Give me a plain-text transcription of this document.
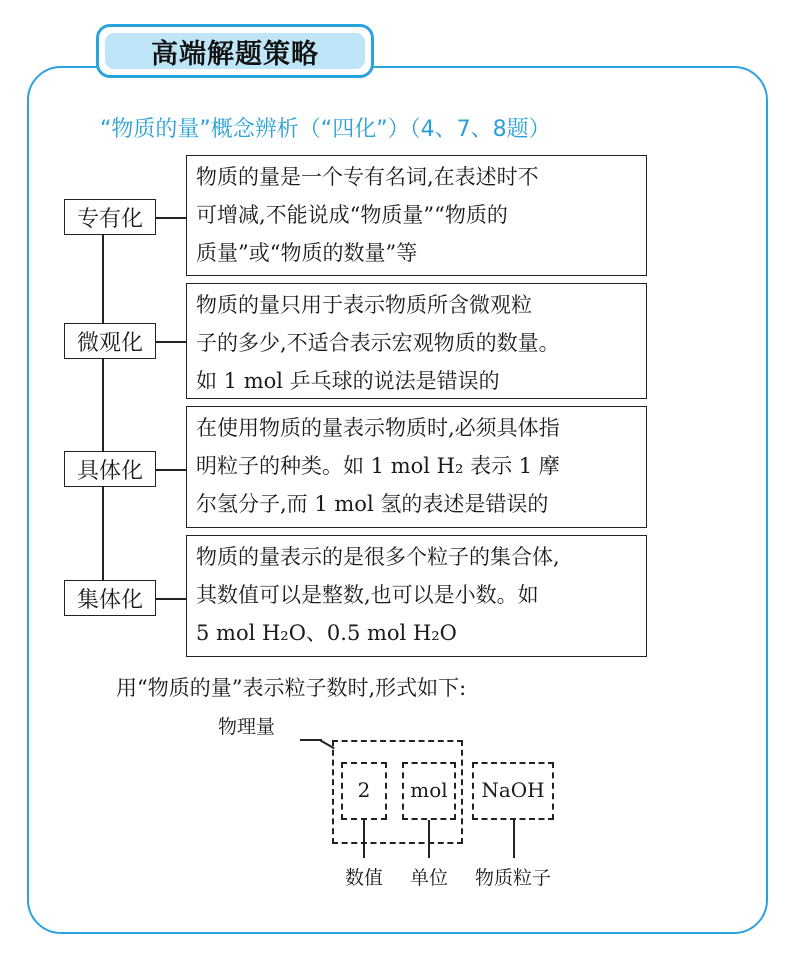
高端解题策略
“物质的量”概念辨析（“四化”）（4、7、8题）
专有化
物质的量是一个专有名词,在表述时不
可增减,不能说成“物质量”“物质的
质量”或“物质的数量”等
微观化
物质的量只用于表示物质所含微观粒
子的多少,不适合表示宏观物质的数量。
如 1 mol 乒乓球的说法是错误的
具体化
在使用物质的量表示物质时,必须具体指
明粒子的种类。如 1 mol H₂ 表示 1 摩
尔氢分子,而 1 mol 氢的表述是错误的
集体化
物质的量表示的是很多个粒子的集合体,
其数值可以是整数,也可以是小数。如
5 mol H₂O、0.5 mol H₂O
用“物质的量”表示粒子数时,形式如下:
物理量
2	mol	NaOH
数值	单位	物质粒子
